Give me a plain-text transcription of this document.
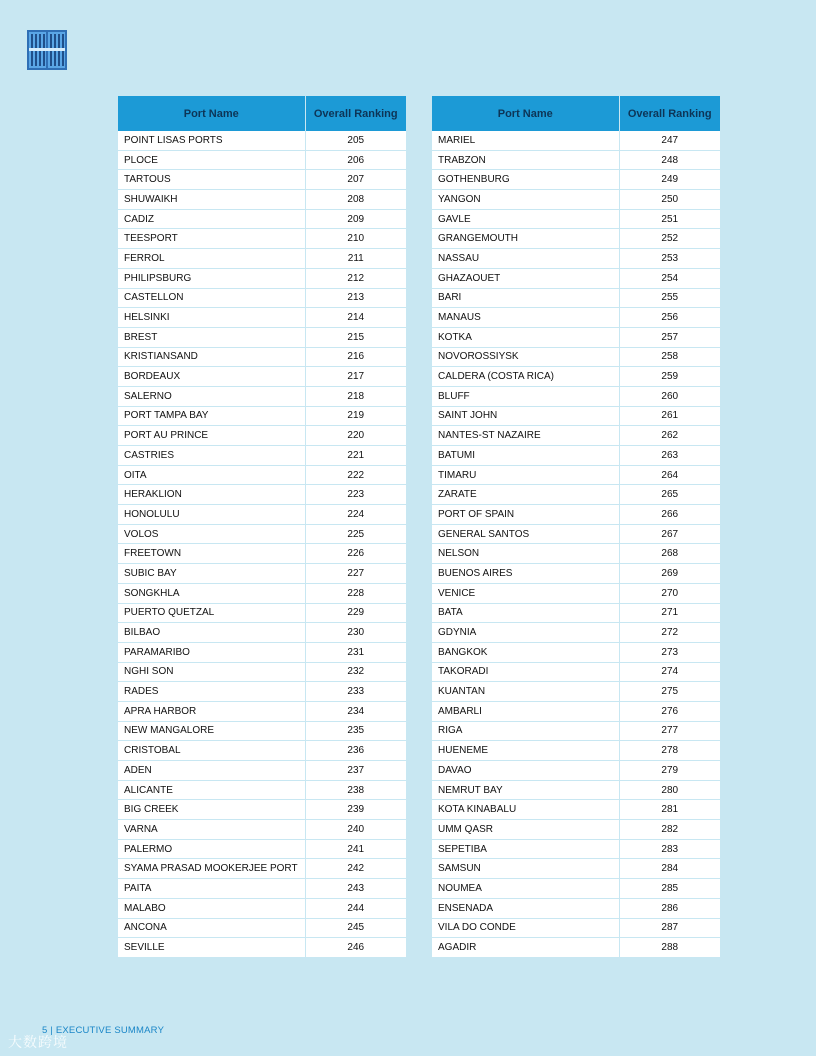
Port Name	Overall Ranking
POINT LISAS PORTS	205
PLOCE	206
TARTOUS	207
SHUWAIKH	208
CADIZ	209
TEESPORT	210
FERROL	211
PHILIPSBURG	212
CASTELLON	213
HELSINKI	214
BREST	215
KRISTIANSAND	216
BORDEAUX	217
SALERNO	218
PORT TAMPA BAY	219
PORT AU PRINCE	220
CASTRIES	221
OITA	222
HERAKLION	223
HONOLULU	224
VOLOS	225
FREETOWN	226
SUBIC BAY	227
SONGKHLA	228
PUERTO QUETZAL	229
BILBAO	230
PARAMARIBO	231
NGHI SON	232
RADES	233
APRA HARBOR	234
NEW MANGALORE	235
CRISTOBAL	236
ADEN	237
ALICANTE	238
BIG CREEK	239
VARNA	240
PALERMO	241
SYAMA PRASAD MOOKERJEE PORT	242
PAITA	243
MALABO	244
ANCONA	245
SEVILLE	246
Port Name	Overall Ranking
MARIEL	247
TRABZON	248
GOTHENBURG	249
YANGON	250
GAVLE	251
GRANGEMOUTH	252
NASSAU	253
GHAZAOUET	254
BARI	255
MANAUS	256
KOTKA	257
NOVOROSSIYSK	258
CALDERA (COSTA RICA)	259
BLUFF	260
SAINT JOHN	261
NANTES-ST NAZAIRE	262
BATUMI	263
TIMARU	264
ZARATE	265
PORT OF SPAIN	266
GENERAL SANTOS	267
NELSON	268
BUENOS AIRES	269
VENICE	270
BATA	271
GDYNIA	272
BANGKOK	273
TAKORADI	274
KUANTAN	275
AMBARLI	276
RIGA	277
HUENEME	278
DAVAO	279
NEMRUT BAY	280
KOTA KINABALU	281
UMM QASR	282
SEPETIBA	283
SAMSUN	284
NOUMEA	285
ENSENADA	286
VILA DO CONDE	287
AGADIR	288
5 | EXECUTIVE SUMMARY
大数跨境
